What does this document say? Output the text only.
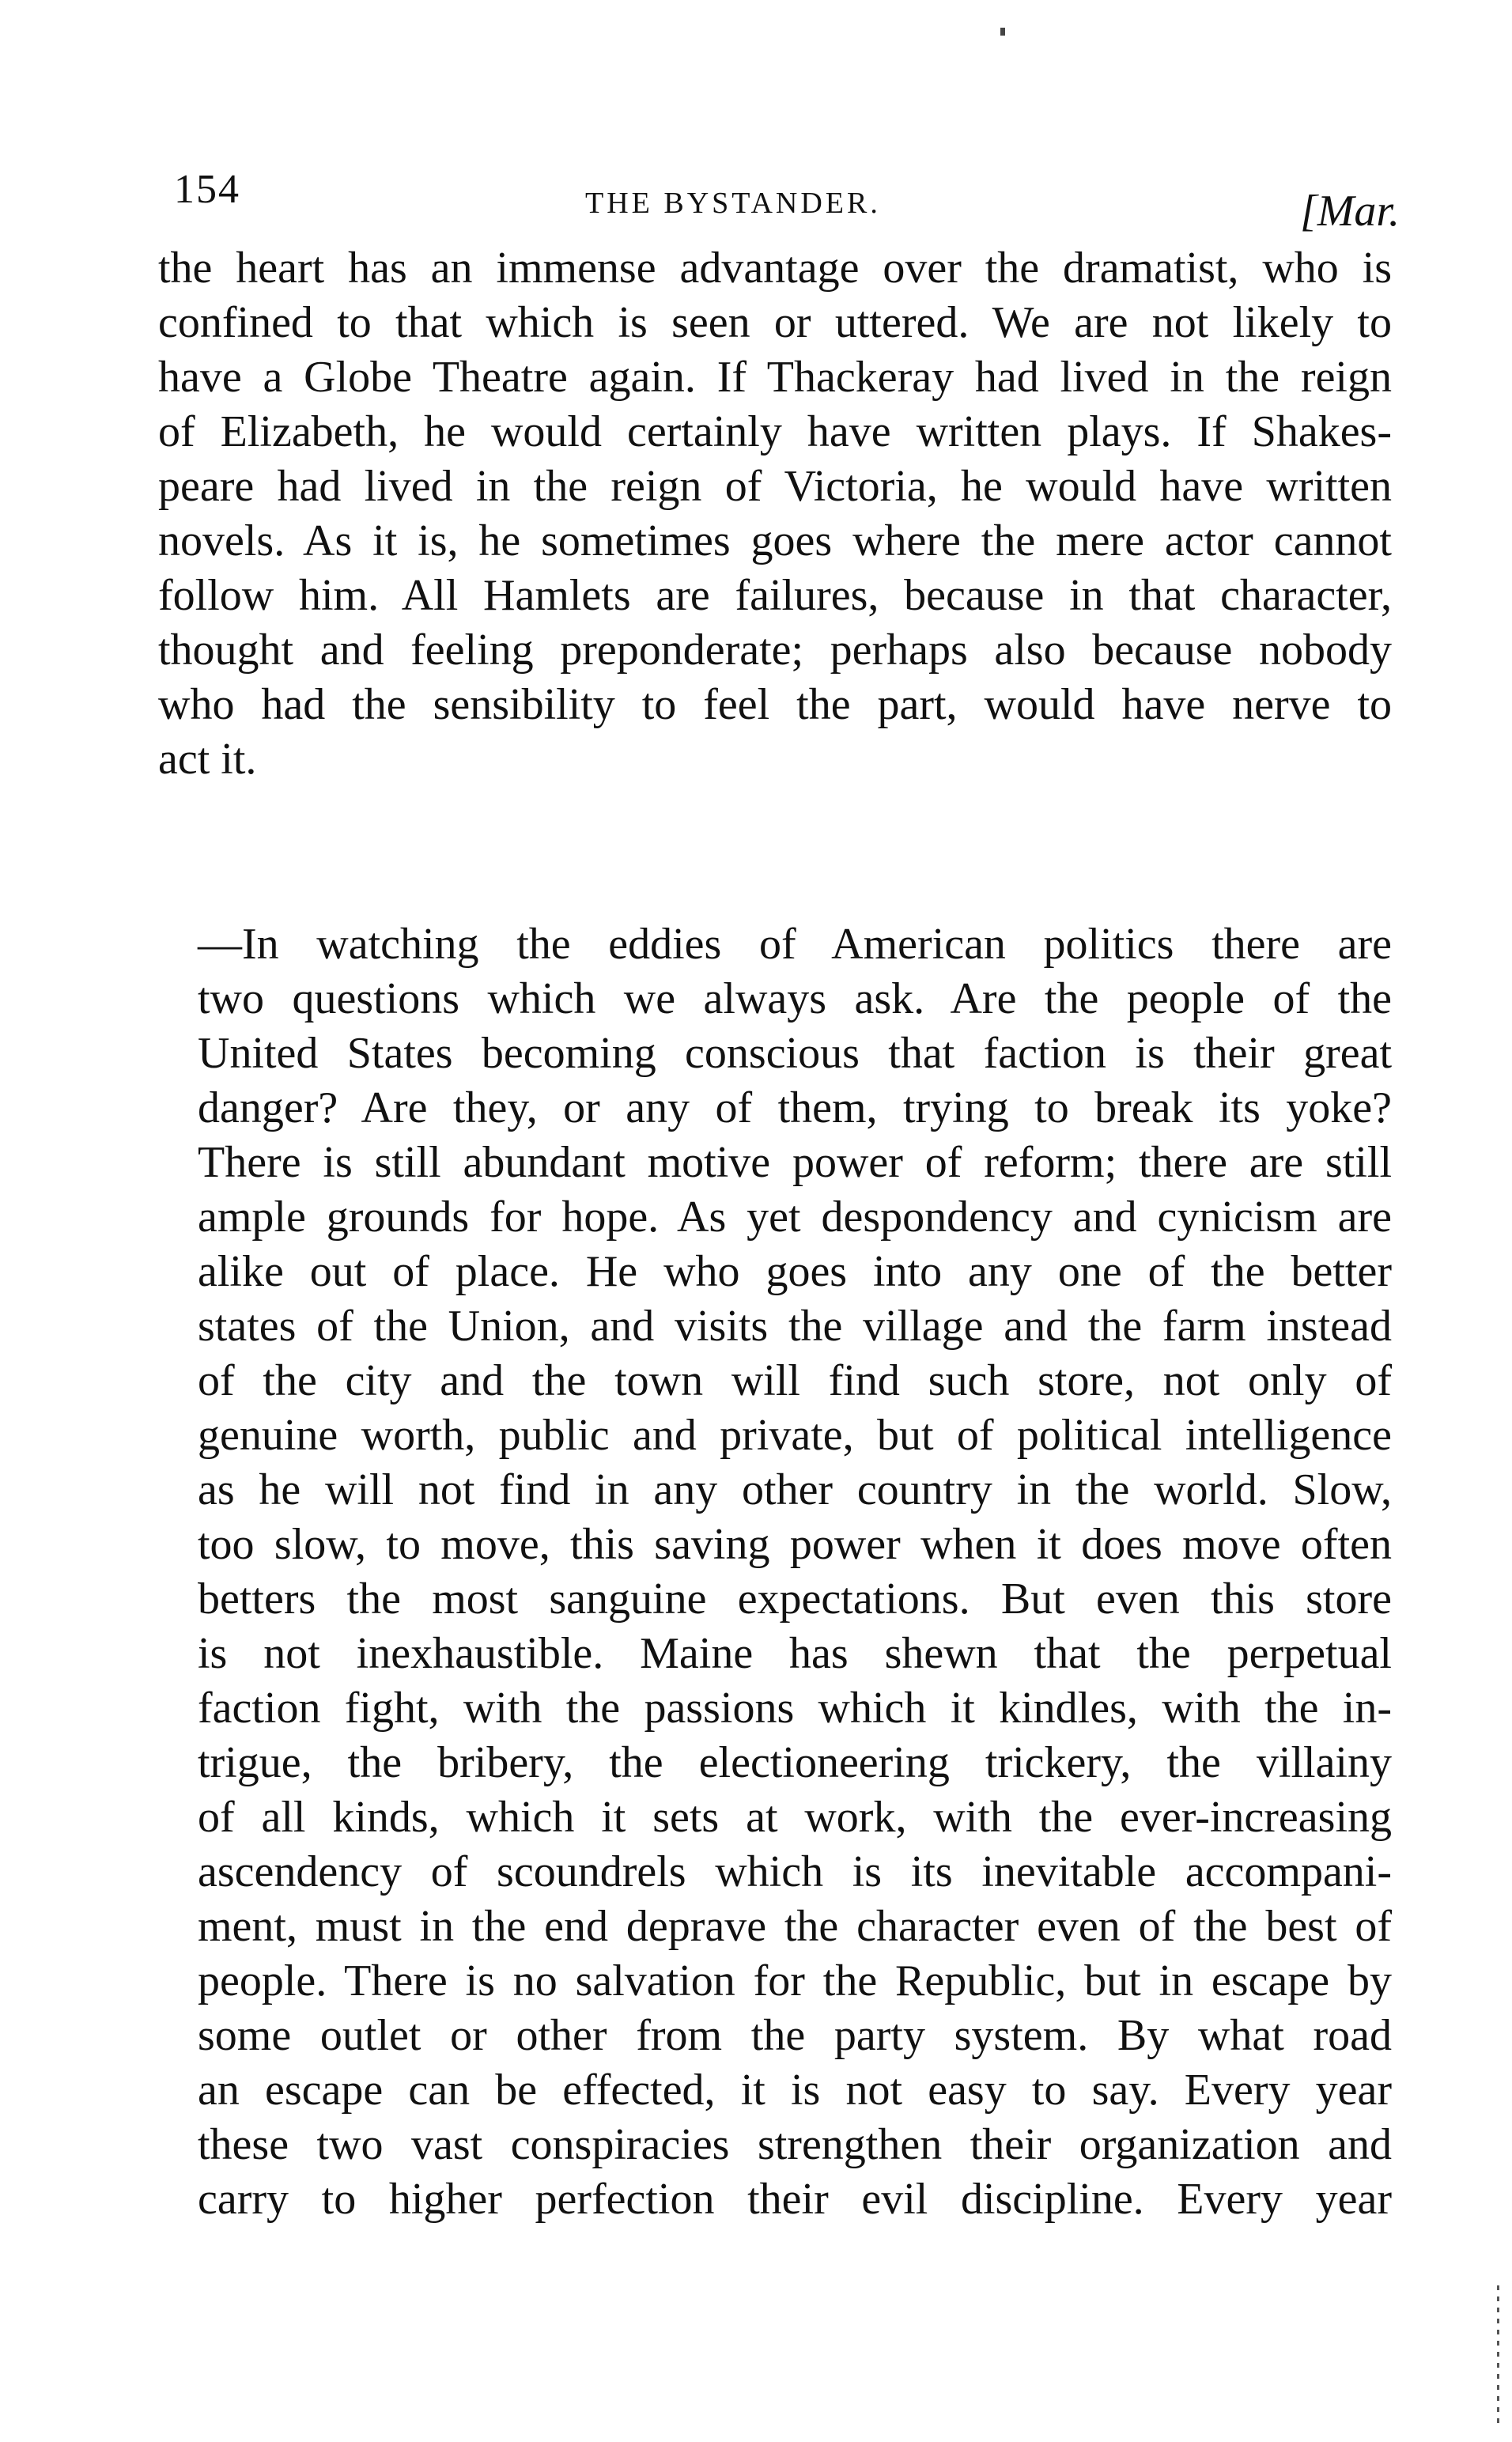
154	THE BYSTANDER.	[Mar.
the heart has an immense advantage over the dramatist, who is
confined to that which is seen or uttered. We are not likely to
have a Globe Theatre again. If Thackeray had lived in the reign
of Elizabeth, he would certainly have written plays. If Shakes-
peare had lived in the reign of Victoria, he would have written
novels. As it is, he sometimes goes where the mere actor cannot
follow him. All Hamlets are failures, because in that character,
thought and feeling preponderate; perhaps also because nobody
who had the sensibility to feel the part, would have nerve to
act it.
—In watching the eddies of American politics there are
two questions which we always ask. Are the people of the
United States becoming conscious that faction is their great
danger? Are they, or any of them, trying to break its yoke?
There is still abundant motive power of reform; there are still
ample grounds for hope. As yet despondency and cynicism are
alike out of place. He who goes into any one of the better
states of the Union, and visits the village and the farm instead
of the city and the town will find such store, not only of
genuine worth, public and private, but of political intelligence
as he will not find in any other country in the world. Slow,
too slow, to move, this saving power when it does move often
betters the most sanguine expectations. But even this store
is not inexhaustible. Maine has shewn that the perpetual
faction fight, with the passions which it kindles, with the in-
trigue, the bribery, the electioneering trickery, the villainy
of all kinds, which it sets at work, with the ever-increasing
ascendency of scoundrels which is its inevitable accompani-
ment, must in the end deprave the character even of the best of
people. There is no salvation for the Republic, but in escape by
some outlet or other from the party system. By what road
an escape can be effected, it is not easy to say. Every year
these two vast conspiracies strengthen their organization and
carry to higher perfection their evil discipline. Every year
